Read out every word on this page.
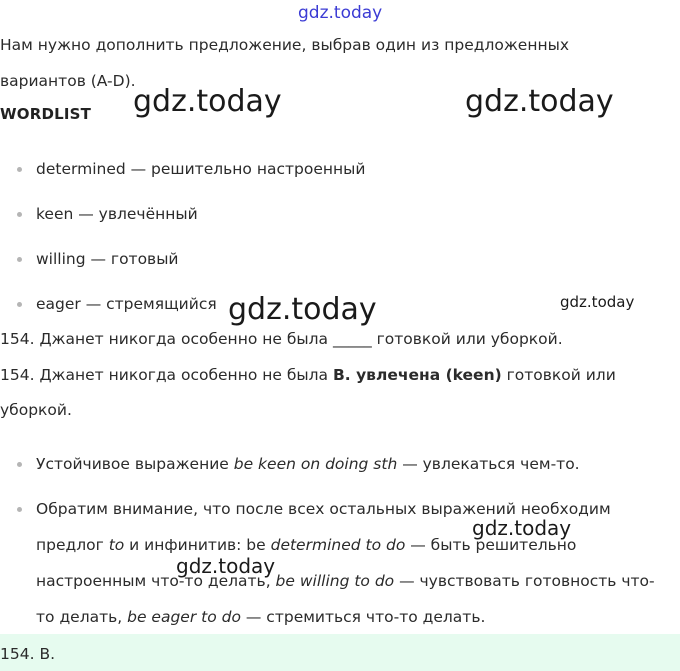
gdz.today
gdz.today	gdz.today
gdz.today	gdz.today
gdz.today
gdz.today
Нам нужно дополнить предложение, выбрав один из предложенных
вариантов (A-D).
WORDLIST
determined — решительно настроенный
keen — увлечённый
willing — готовый
eager — стремящийся
154. Джанет никогда особенно не была _____ готовкой или уборкой.
154. Джанет никогда особенно не была B. увлечена (keen) готовкой или
уборкой.
Устойчивое выражение be keen on doing sth — увлекаться чем-то.
Обратим внимание, что после всех остальных выражений необходим
предлог to и инфинитив: be determined to do — быть решительно
настроенным что-то делать, be willing to do — чувствовать готовность что-
то делать, be eager to do — стремиться что-то делать.
154. B.
